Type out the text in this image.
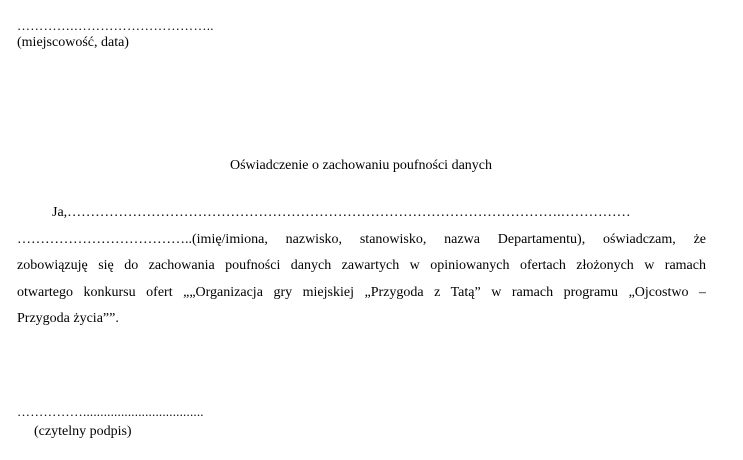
………….…………………………..
(miejscowość, data)
Oświadczenie o zachowaniu poufności danych
Ja,…………………………………………………………………………………………….……………
………………………………..(imię/imiona, nazwisko, stanowisko, nazwa Departamentu), oświadczam, że
zobowiązuję się do zachowania poufności danych zawartych w opiniowanych ofertach złożonych w ramach
otwartego konkursu ofert „„Organizacja gry miejskiej „Przygoda z Tatą” w ramach programu „Ojcostwo –
Przygoda życia””.
……………...................................
(czytelny podpis)
